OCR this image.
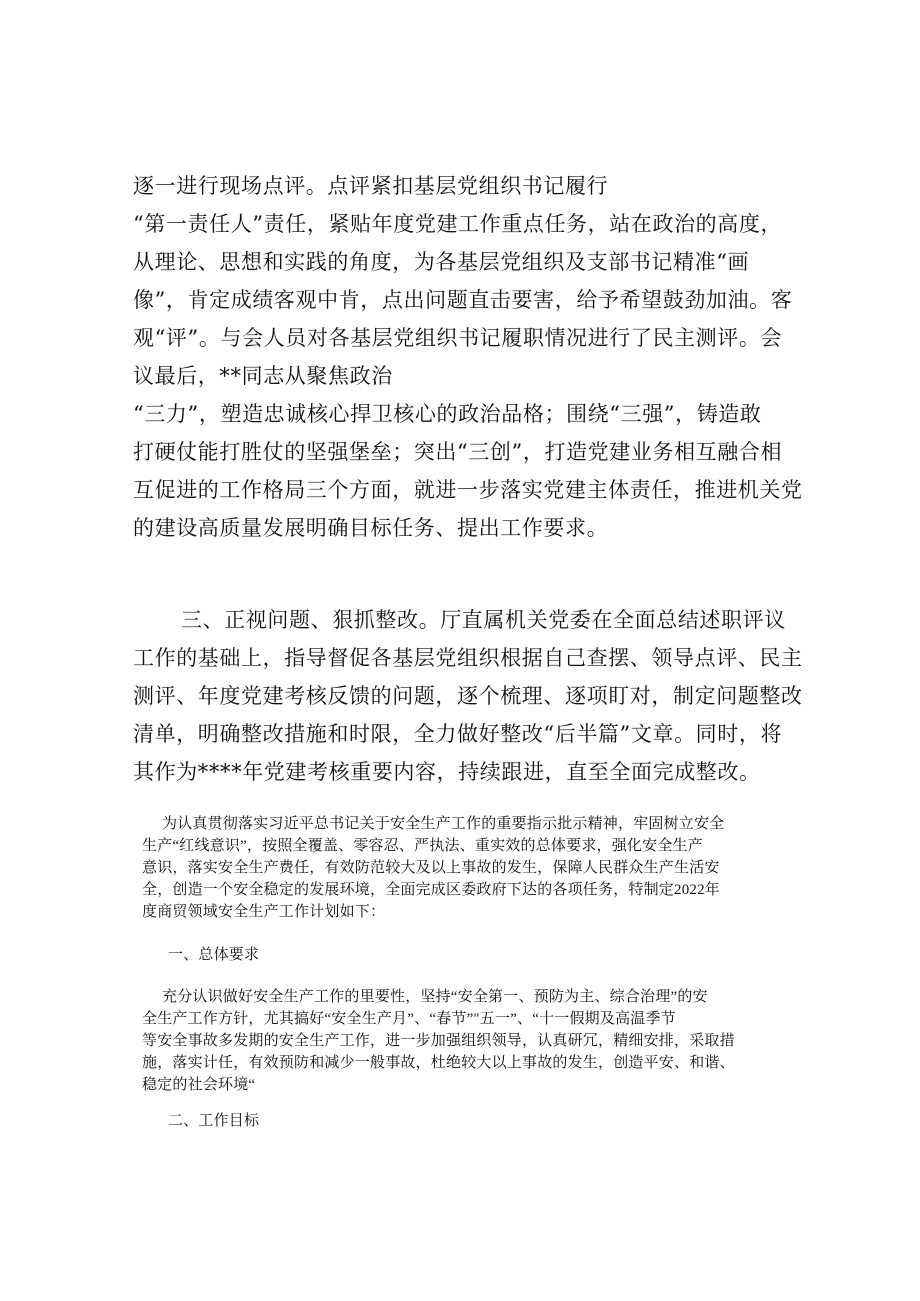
逐一进行现场点评。点评紧扣基层党组织书记履行
“第一责任人”责任，紧贴年度党建工作重点任务，站在政治的高度，
从理论、思想和实践的角度，为各基层党组织及支部书记精准“画
像”，肯定成绩客观中肯，点出问题直击要害，给予希望鼓劲加油。客
观“评”。与会人员对各基层党组织书记履职情况进行了民主测评。会
议最后，**同志从聚焦政治
“三力”，塑造忠诚核心捍卫核心的政治品格；围绕“三强”，铸造敢
打硬仗能打胜仗的坚强堡垒；突出“三创”，打造党建业务相互融合相
互促进的工作格局三个方面，就进一步落实党建主体责任，推进机关党
的建设高质量发展明确目标任务、提出工作要求。

三、正视问题、狠抓整改。厅直属机关党委在全面总结述职评议
工作的基础上，指导督促各基层党组织根据自己查摆、领导点评、民主
测评、年度党建考核反馈的问题，逐个梳理、逐项盯对，制定问题整改
清单，明确整改措施和时限，全力做好整改“后半篇”文章。同时，将
其作为****年党建考核重要内容，持续跟进，直至全面完成整改。

为认真贯彻落实习近平总书记关于安全生产工作的重要指示批示精神，牢固树立安全
生产“红线意识”，按照全覆盖、零容忍、严执法、重实效的总体要求，强化安全生产
意识，落实安全生产费任，有效防范较大及以上事故的发生，保障人民群众生产生活安
全，创造一个安全稳定的发展环境，全面完成区委政府下达的各项任务，特制定2022年
度商贸领域安全生产工作计划如下：

一、总体要求

充分认识做好安全生产工作的里要性，坚持“安全第一、预防为主、综合治理”的安
全生产工作方针，尤其搞好“安全生产月”、“春节”"五一”、“十一假期及高温季节
等安全事故多发期的安全生产工作，进一步加强组织领导，认真研冗，精细安排，采取措
施，落实计任，有效预防和减少一般事故，杜绝较大以上事故的发生，创造平安、和谐、
稳定的社会环境“

二、工作目标
